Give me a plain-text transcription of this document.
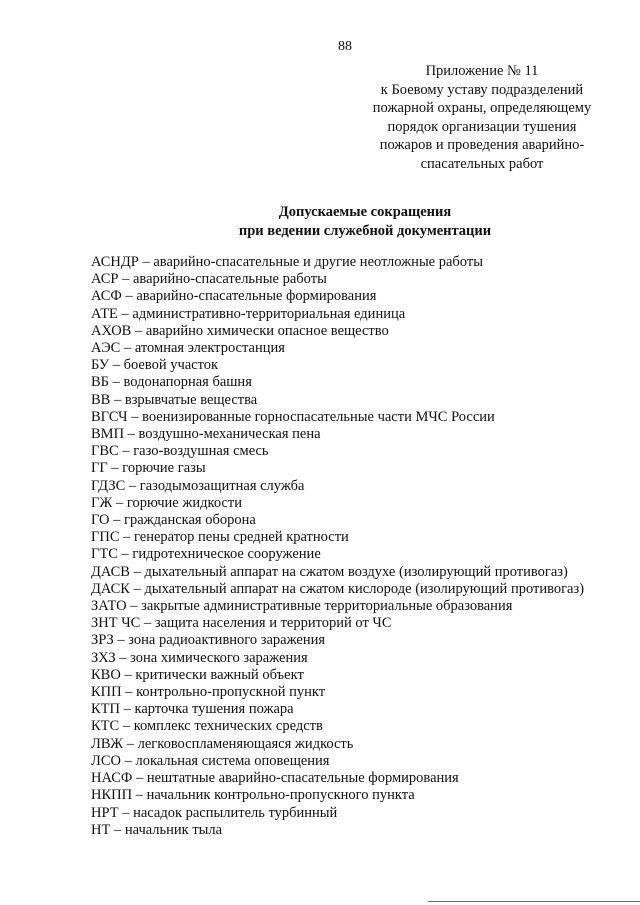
88
Приложение № 11
к Боевому уставу подразделений
пожарной охраны, определяющему
порядок организации тушения
пожаров и проведения аварийно-
спасательных работ
Допускаемые сокращения
при ведении служебной документации
АСНДР – аварийно-спасательные и другие неотложные работы
АСР – аварийно-спасательные работы
АСФ – аварийно-спасательные формирования
АТЕ – административно-территориальная единица
АХОВ – аварийно химически опасное вещество
АЭС – атомная электростанция
БУ – боевой участок
ВБ – водонапорная башня
ВВ – взрывчатые вещества
ВГСЧ – военизированные горноспасательные части МЧС России
ВМП – воздушно-механическая пена
ГВС – газо-воздушная смесь
ГГ – горючие газы
ГДЗС – газодымозащитная служба
ГЖ – горючие жидкости
ГО – гражданская оборона
ГПС – генератор пены средней кратности
ГТС – гидротехническое сооружение
ДАСВ – дыхательный аппарат на сжатом воздухе (изолирующий противогаз)
ДАСК – дыхательный аппарат на сжатом кислороде (изолирующий противогаз)
ЗАТО – закрытые административные территориальные образования
ЗНТ ЧС – защита населения и территорий от ЧС
ЗРЗ – зона радиоактивного заражения
ЗХЗ – зона химического заражения
КВО – критически важный объект
КПП – контрольно-пропускной пункт
КТП – карточка тушения пожара
КТС – комплекс технических средств
ЛВЖ – легковоспламеняющаяся жидкость
ЛСО – локальная система оповещения
НАСФ – нештатные аварийно-спасательные формирования
НКПП – начальник контрольно-пропускного пункта
НРТ – насадок распылитель турбинный
НТ – начальник тыла
